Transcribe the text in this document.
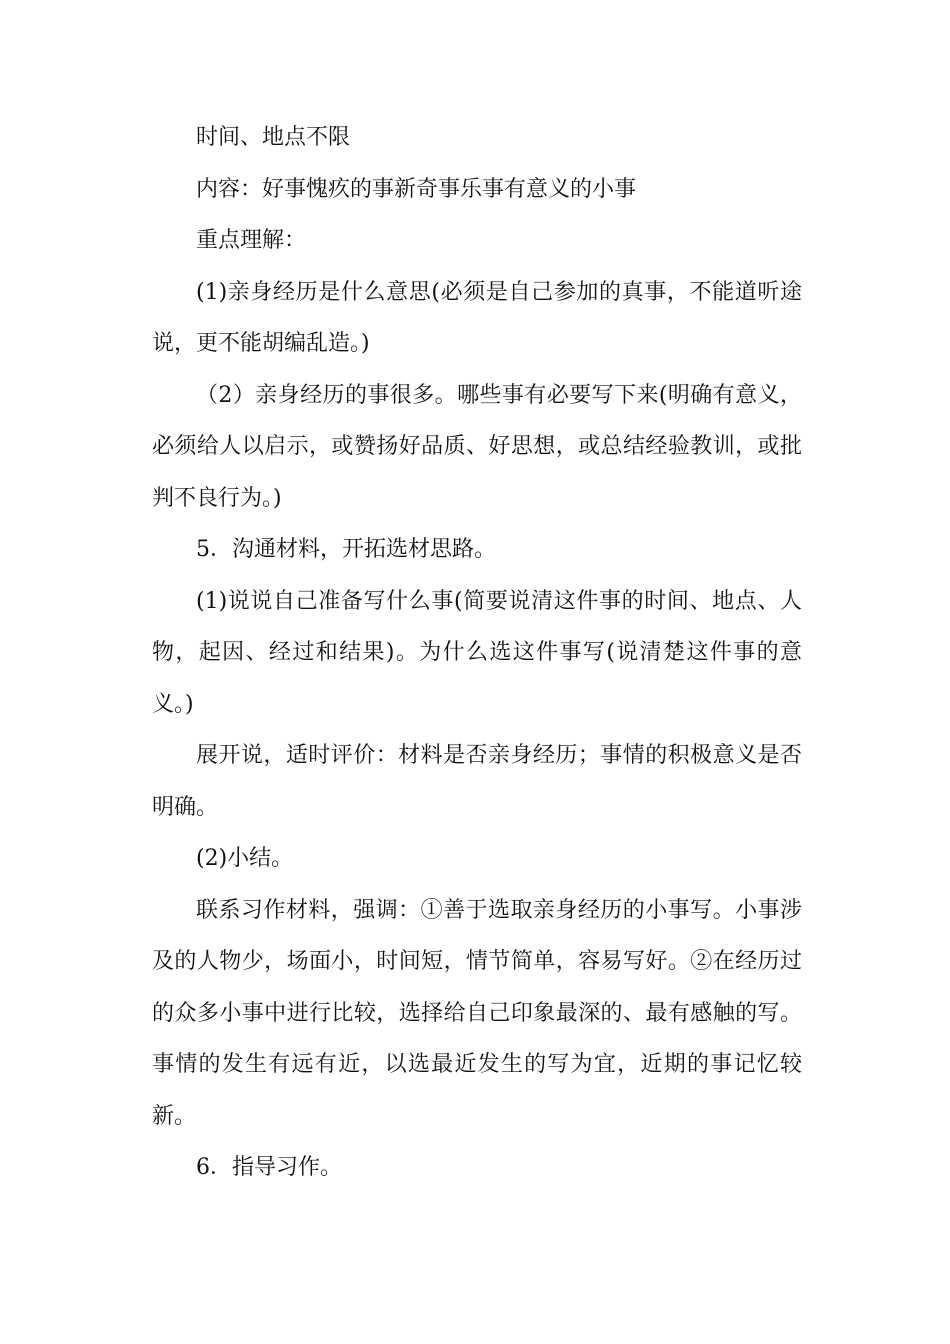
时间、地点不限

内容：好事愧疚的事新奇事乐事有意义的小事

重点理解：

(1)亲身经历是什么意思(必须是自己参加的真事，不能道听途说，更不能胡编乱造。)

（2）亲身经历的事很多。哪些事有必要写下来(明确有意义，必须给人以启示，或赞扬好品质、好思想，或总结经验教训，或批判不良行为。)

5．沟通材料，开拓选材思路。

(1)说说自己准备写什么事(简要说清这件事的时间、地点、人物，起因、经过和结果)。为什么选这件事写(说清楚这件事的意义。)

展开说，适时评价：材料是否亲身经历；事情的积极意义是否明确。

(2)小结。

联系习作材料，强调：①善于选取亲身经历的小事写。小事涉及的人物少，场面小，时间短，情节简单，容易写好。②在经历过的众多小事中进行比较，选择给自己印象最深的、最有感触的写。事情的发生有远有近，以选最近发生的写为宜，近期的事记忆较新。

6．指导习作。
